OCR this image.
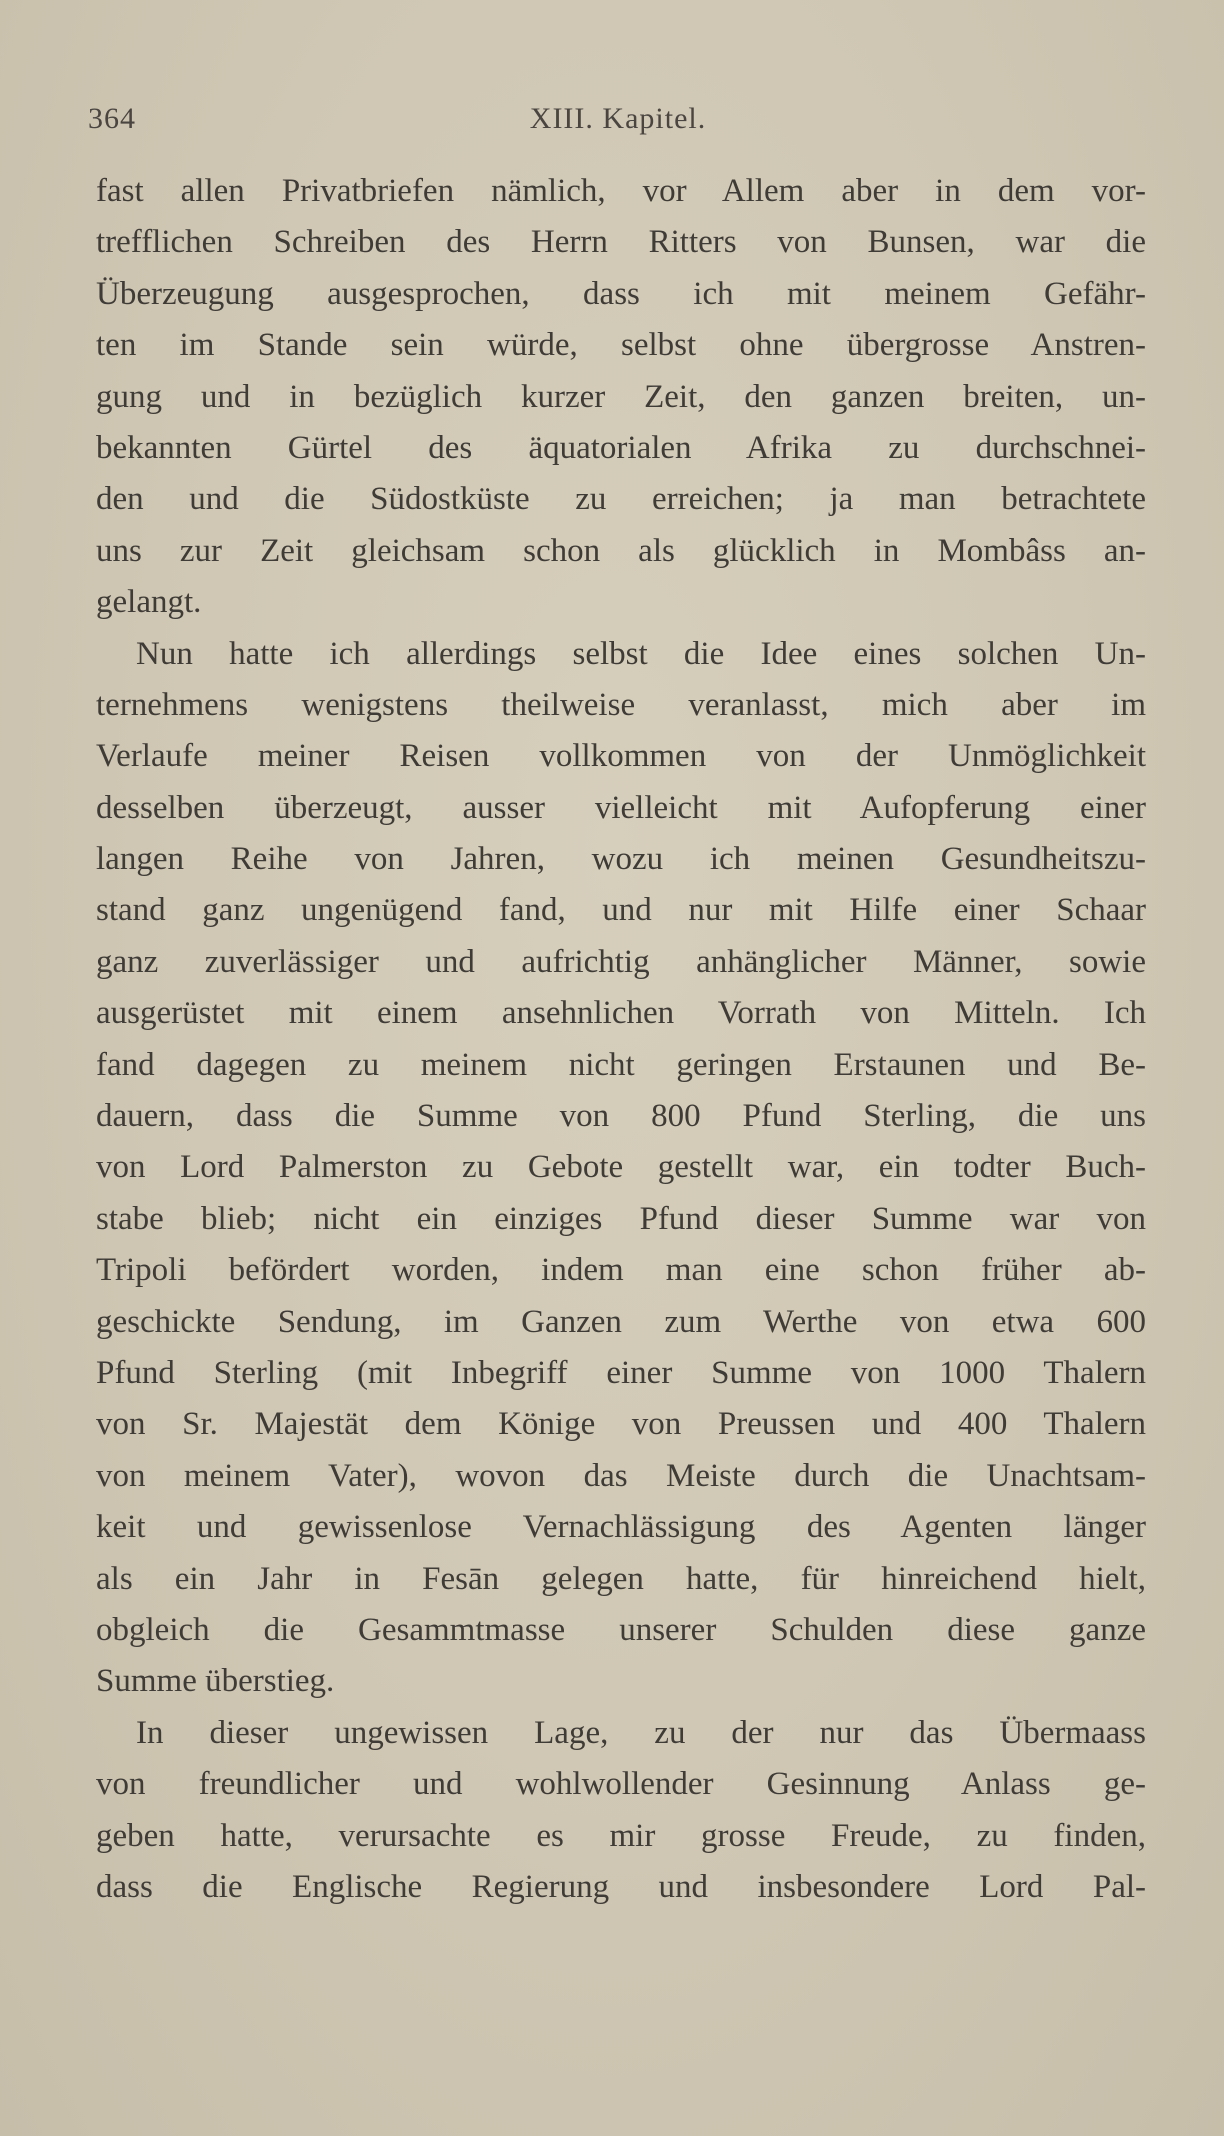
364	XIII. Kapitel.
fast allen Privatbriefen nämlich, vor Allem aber in dem vor-
trefflichen Schreiben des Herrn Ritters von Bunsen, war die
Überzeugung ausgesprochen, dass ich mit meinem Gefähr-
ten im Stande sein würde, selbst ohne übergrosse Anstren-
gung und in bezüglich kurzer Zeit, den ganzen breiten, un-
bekannten Gürtel des äquatorialen Afrika zu durchschnei-
den und die Südostküste zu erreichen; ja man betrachtete
uns zur Zeit gleichsam schon als glücklich in Mombâss an-
gelangt.
Nun hatte ich allerdings selbst die Idee eines solchen Un-
ternehmens wenigstens theilweise veranlasst, mich aber im
Verlaufe meiner Reisen vollkommen von der Unmöglichkeit
desselben überzeugt, ausser vielleicht mit Aufopferung einer
langen Reihe von Jahren, wozu ich meinen Gesundheitszu-
stand ganz ungenügend fand, und nur mit Hilfe einer Schaar
ganz zuverlässiger und aufrichtig anhänglicher Männer, sowie
ausgerüstet mit einem ansehnlichen Vorrath von Mitteln. Ich
fand dagegen zu meinem nicht geringen Erstaunen und Be-
dauern, dass die Summe von 800 Pfund Sterling, die uns
von Lord Palmerston zu Gebote gestellt war, ein todter Buch-
stabe blieb; nicht ein einziges Pfund dieser Summe war von
Tripoli befördert worden, indem man eine schon früher ab-
geschickte Sendung, im Ganzen zum Werthe von etwa 600
Pfund Sterling (mit Inbegriff einer Summe von 1000 Thalern
von Sr. Majestät dem Könige von Preussen und 400 Thalern
von meinem Vater), wovon das Meiste durch die Unachtsam-
keit und gewissenlose Vernachlässigung des Agenten länger
als ein Jahr in Fesān gelegen hatte, für hinreichend hielt,
obgleich die Gesammtmasse unserer Schulden diese ganze
Summe überstieg.
In dieser ungewissen Lage, zu der nur das Übermaass
von freundlicher und wohlwollender Gesinnung Anlass ge-
geben hatte, verursachte es mir grosse Freude, zu finden,
dass die Englische Regierung und insbesondere Lord Pal-
